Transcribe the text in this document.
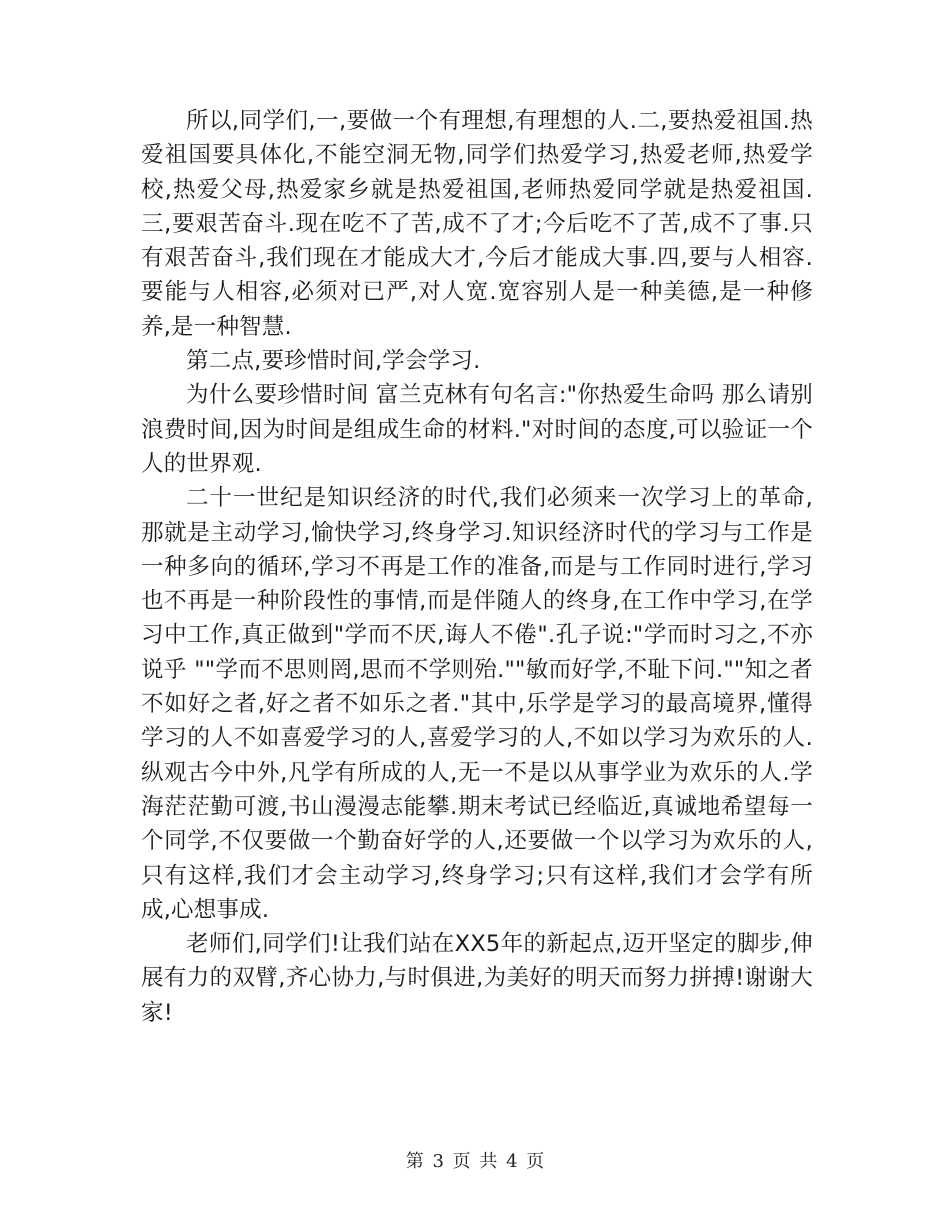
所以,同学们,一,要做一个有理想,有理想的人.二,要热爱祖国.热爱祖国要具体化,不能空洞无物,同学们热爱学习,热爱老师,热爱学校,热爱父母,热爱家乡就是热爱祖国,老师热爱同学就是热爱祖国.三,要艰苦奋斗.现在吃不了苦,成不了才;今后吃不了苦,成不了事.只有艰苦奋斗,我们现在才能成大才,今后才能成大事.四,要与人相容.要能与人相容,必须对已严,对人宽.宽容别人是一种美德,是一种修养,是一种智慧.

第二点,要珍惜时间,学会学习.

为什么要珍惜时间 富兰克林有句名言:"你热爱生命吗 那么请别浪费时间,因为时间是组成生命的材料."对时间的态度,可以验证一个人的世界观.

二十一世纪是知识经济的时代,我们必须来一次学习上的革命,那就是主动学习,愉快学习,终身学习.知识经济时代的学习与工作是一种多向的循环,学习不再是工作的准备,而是与工作同时进行,学习也不再是一种阶段性的事情,而是伴随人的终身,在工作中学习,在学习中工作,真正做到"学而不厌,诲人不倦".孔子说:"学而时习之,不亦说乎 ""学而不思则罔,思而不学则殆.""敏而好学,不耻下问.""知之者不如好之者,好之者不如乐之者."其中,乐学是学习的最高境界,懂得学习的人不如喜爱学习的人,喜爱学习的人,不如以学习为欢乐的人.纵观古今中外,凡学有所成的人,无一不是以从事学业为欢乐的人.学海茫茫勤可渡,书山漫漫志能攀.期末考试已经临近,真诚地希望每一个同学,不仅要做一个勤奋好学的人,还要做一个以学习为欢乐的人,只有这样,我们才会主动学习,终身学习;只有这样,我们才会学有所成,心想事成.

老师们,同学们!让我们站在XX5年的新起点,迈开坚定的脚步,伸展有力的双臂,齐心协力,与时俱进,为美好的明天而努力拼搏!谢谢大家!

第 3 页 共 4 页
